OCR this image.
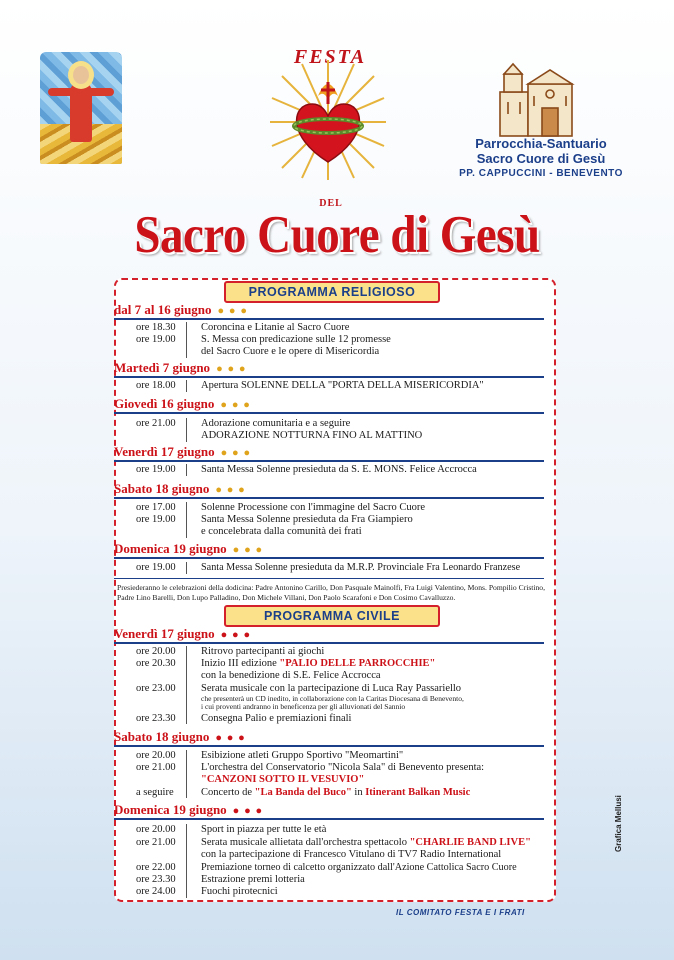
FESTA
DEL
Parrocchia-Santuario
Sacro Cuore di Gesù
PP. CAPPUCCINI - BENEVENTO
Sacro Cuore di Gesù
PROGRAMMA RELIGIOSO
dal 7 al 16 giugno ● ● ●
ore 18.30	Coroncina e Litanie al Sacro Cuore
ore 19.00	S. Messa con predicazione sulle 12 promesse
del Sacro Cuore e le opere di Misericordia
Martedì 7 giugno ● ● ●
ore 18.00	Apertura SOLENNE DELLA "PORTA DELLA MISERICORDIA"
Giovedì 16 giugno ● ● ●
ore 21.00	Adorazione comunitaria e a seguire
ADORAZIONE NOTTURNA FINO AL MATTINO
Venerdì 17 giugno ● ● ●
ore 19.00	Santa Messa Solenne presieduta da S. E. MONS. Felice Accrocca
Sabato 18 giugno ● ● ●
ore 17.00	Solenne Processione con l'immagine del Sacro Cuore
ore 19.00	Santa Messa Solenne presieduta da Fra Giampiero
e concelebrata dalla comunità dei frati
Domenica 19 giugno ● ● ●
ore 19.00	Santa Messa Solenne presieduta da M.R.P. Provinciale Fra Leonardo Franzese
Presiederanno le celebrazioni della dodicina: Padre Antonino Carillo, Don Pasquale Mainolfi, Fra Luigi Valentino, Mons. Pompilio Cristino, Padre Lino Barelli, Don Lupo Palladino, Don Michele Villani, Don Paolo Scarafoni e Don Cosimo Cavalluzzo.
PROGRAMMA CIVILE
Venerdì 17 giugno ● ● ●
ore 20.00	Ritrovo partecipanti ai giochi
ore 20.30	Inizio III edizione "PALIO DELLE PARROCCHIE"
con la benedizione di S.E. Felice Accrocca
ore 23.00	Serata musicale con la partecipazione di Luca Ray Passariello
che presenterà un CD inedito, in collaborazione con la Caritas Diocesana di Benevento,
i cui proventi andranno in beneficenza per gli alluvionati del Sannio
ore 23.30	Consegna Palio e premiazioni finali
Sabato 18 giugno ● ● ●
ore 20.00	Esibizione atleti Gruppo Sportivo "Meomartini"
ore 21.00	L'orchestra del Conservatorio "Nicola Sala" di Benevento presenta:
"CANZONI SOTTO IL VESUVIO"
a seguire	Concerto de "La Banda del Buco" in Itinerant Balkan Music
Domenica 19 giugno ● ● ●
ore 20.00	Sport in piazza per tutte le età
ore 21.00	Serata musicale allietata dall'orchestra spettacolo "CHARLIE BAND LIVE"
con la partecipazione di Francesco Vitulano di TV7 Radio International
ore 22.00	Premiazione torneo di calcetto organizzato dall'Azione Cattolica Sacro Cuore
ore 23.30	Estrazione premi lotteria
ore 24.00	Fuochi pirotecnici
IL COMITATO FESTA E I FRATI
Grafica Mellusi
